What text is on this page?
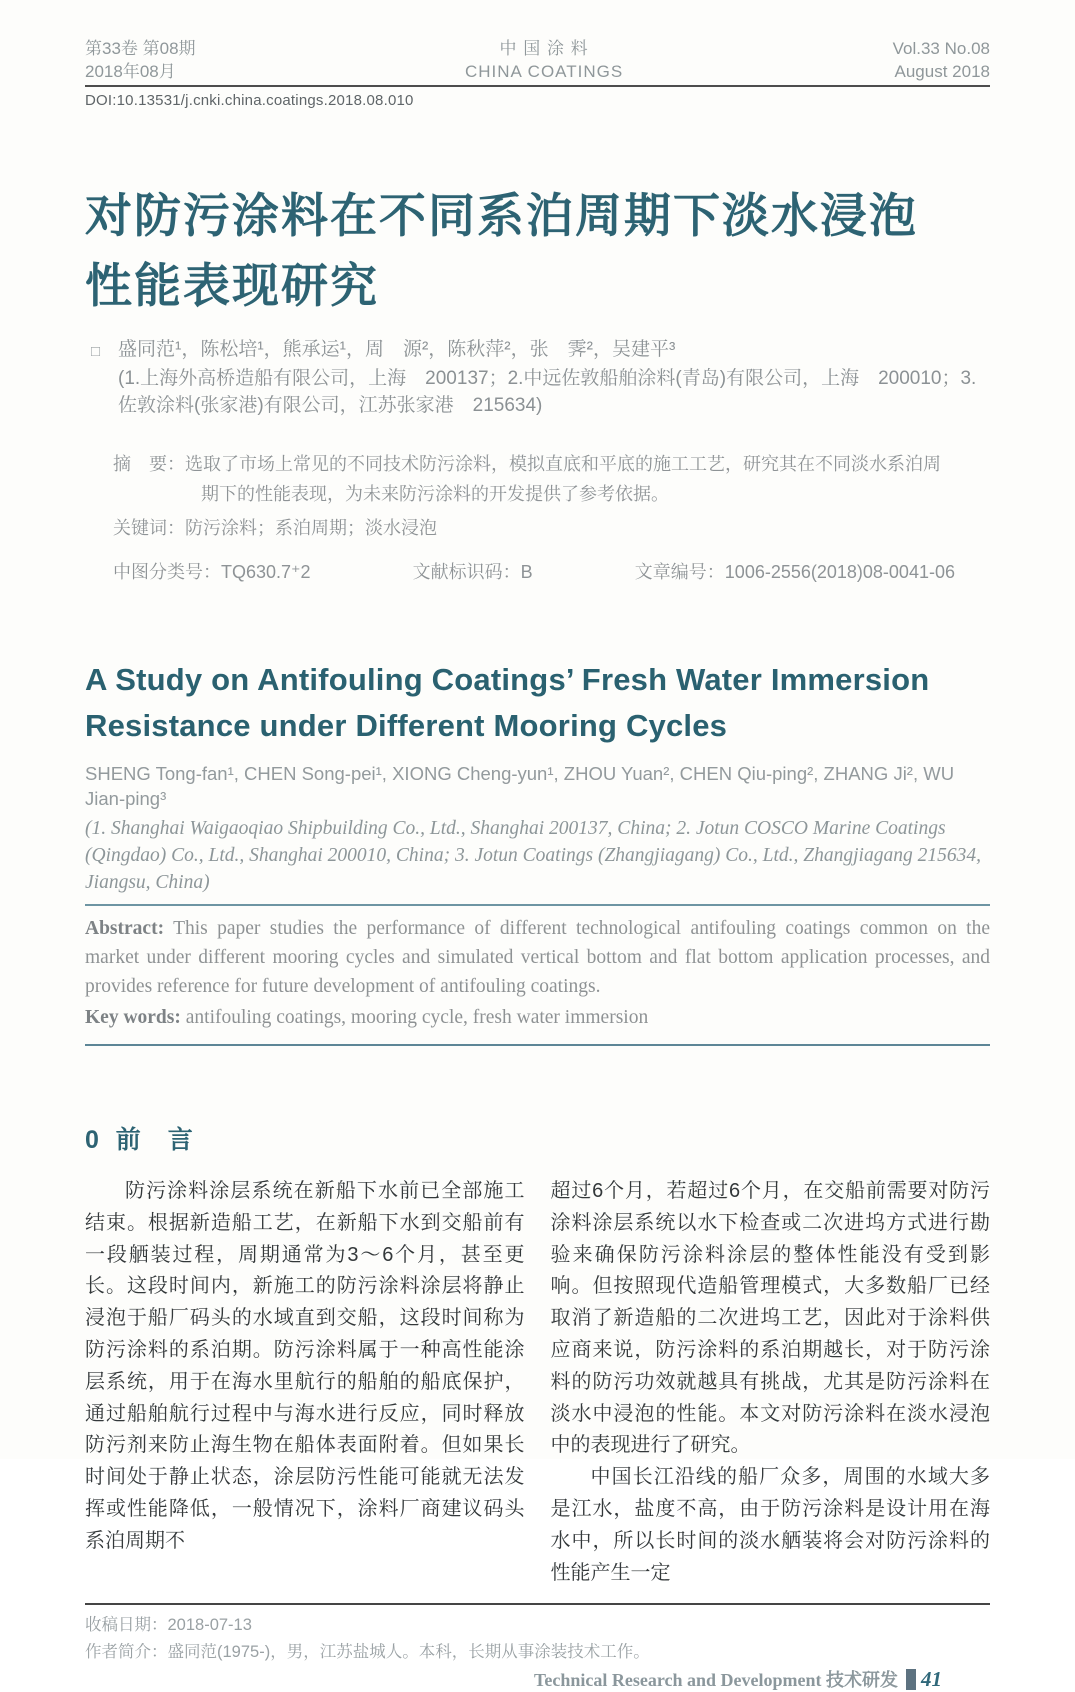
第33卷 第08期
2018年08月
中 国 涂 料
CHINA COATINGS
Vol.33 No.08
August 2018
DOI:10.13531/j.cnki.china.coatings.2018.08.010
对防污涂料在不同系泊周期下淡水浸泡
性能表现研究
□ 盛同范¹，陈松培¹，熊承运¹，周　源²，陈秋萍²，张　霁²，吴建平³
(1.上海外高桥造船有限公司，上海　200137；2.中远佐敦船舶涂料(青岛)有限公司，上海　200010；3.佐敦涂料(张家港)有限公司，江苏张家港　215634)

摘　要：选取了市场上常见的不同技术防污涂料，模拟直底和平底的施工工艺，研究其在不同淡水系泊周期下的性能表现，为未来防污涂料的开发提供了参考依据。

关键词：防污涂料；系泊周期；淡水浸泡

中图分类号：TQ630.7⁺2	文献标识码：B	文章编号：1006-2556(2018)08-0041-06
A Study on Antifouling Coatings’ Fresh Water Immersion
Resistance under Different Mooring Cycles
SHENG Tong-fan¹, CHEN Song-pei¹, XIONG Cheng-yun¹, ZHOU Yuan², CHEN Qiu-ping², ZHANG Ji², WU Jian-ping³
(1. Shanghai Waigaoqiao Shipbuilding Co., Ltd., Shanghai 200137, China; 2. Jotun COSCO Marine Coatings (Qingdao) Co., Ltd., Shanghai 200010, China; 3. Jotun Coatings (Zhangjiagang) Co., Ltd., Zhangjiagang 215634, Jiangsu, China)

Abstract: This paper studies the performance of different technological antifouling coatings common on the market under different mooring cycles and simulated vertical bottom and flat bottom application processes, and provides reference for future development of antifouling coatings.

Key words: antifouling coatings, mooring cycle, fresh water immersion

0  前　言

防污涂料涂层系统在新船下水前已全部施工结束。根据新造船工艺，在新船下水到交船前有一段舾装过程，周期通常为3～6个月，甚至更长。这段时间内，新施工的防污涂料涂层将静止浸泡于船厂码头的水域直到交船，这段时间称为防污涂料的系泊期。防污涂料属于一种高性能涂层系统，用于在海水里航行的船舶的船底保护，通过船舶航行过程中与海水进行反应，同时释放防污剂来防止海生物在船体表面附着。但如果长时间处于静止状态，涂层防污性能可能就无法发挥或性能降低，一般情况下，涂料厂商建议码头系泊周期不

超过6个月，若超过6个月，在交船前需要对防污涂料涂层系统以水下检查或二次进坞方式进行勘验来确保防污涂料涂层的整体性能没有受到影响。但按照现代造船管理模式，大多数船厂已经取消了新造船的二次进坞工艺，因此对于涂料供应商来说，防污涂料的系泊期越长，对于防污涂料的防污功效就越具有挑战，尤其是防污涂料在淡水中浸泡的性能。本文对防污涂料在淡水浸泡中的表现进行了研究。

中国长江沿线的船厂众多，周围的水域大多是江水，盐度不高，由于防污涂料是设计用在海水中，所以长时间的淡水舾装将会对防污涂料的性能产生一定

收稿日期：2018-07-13
作者简介：盛同范(1975-)，男，江苏盐城人。本科，长期从事涂装技术工作。
Technical Research and Development 技术研发 41
